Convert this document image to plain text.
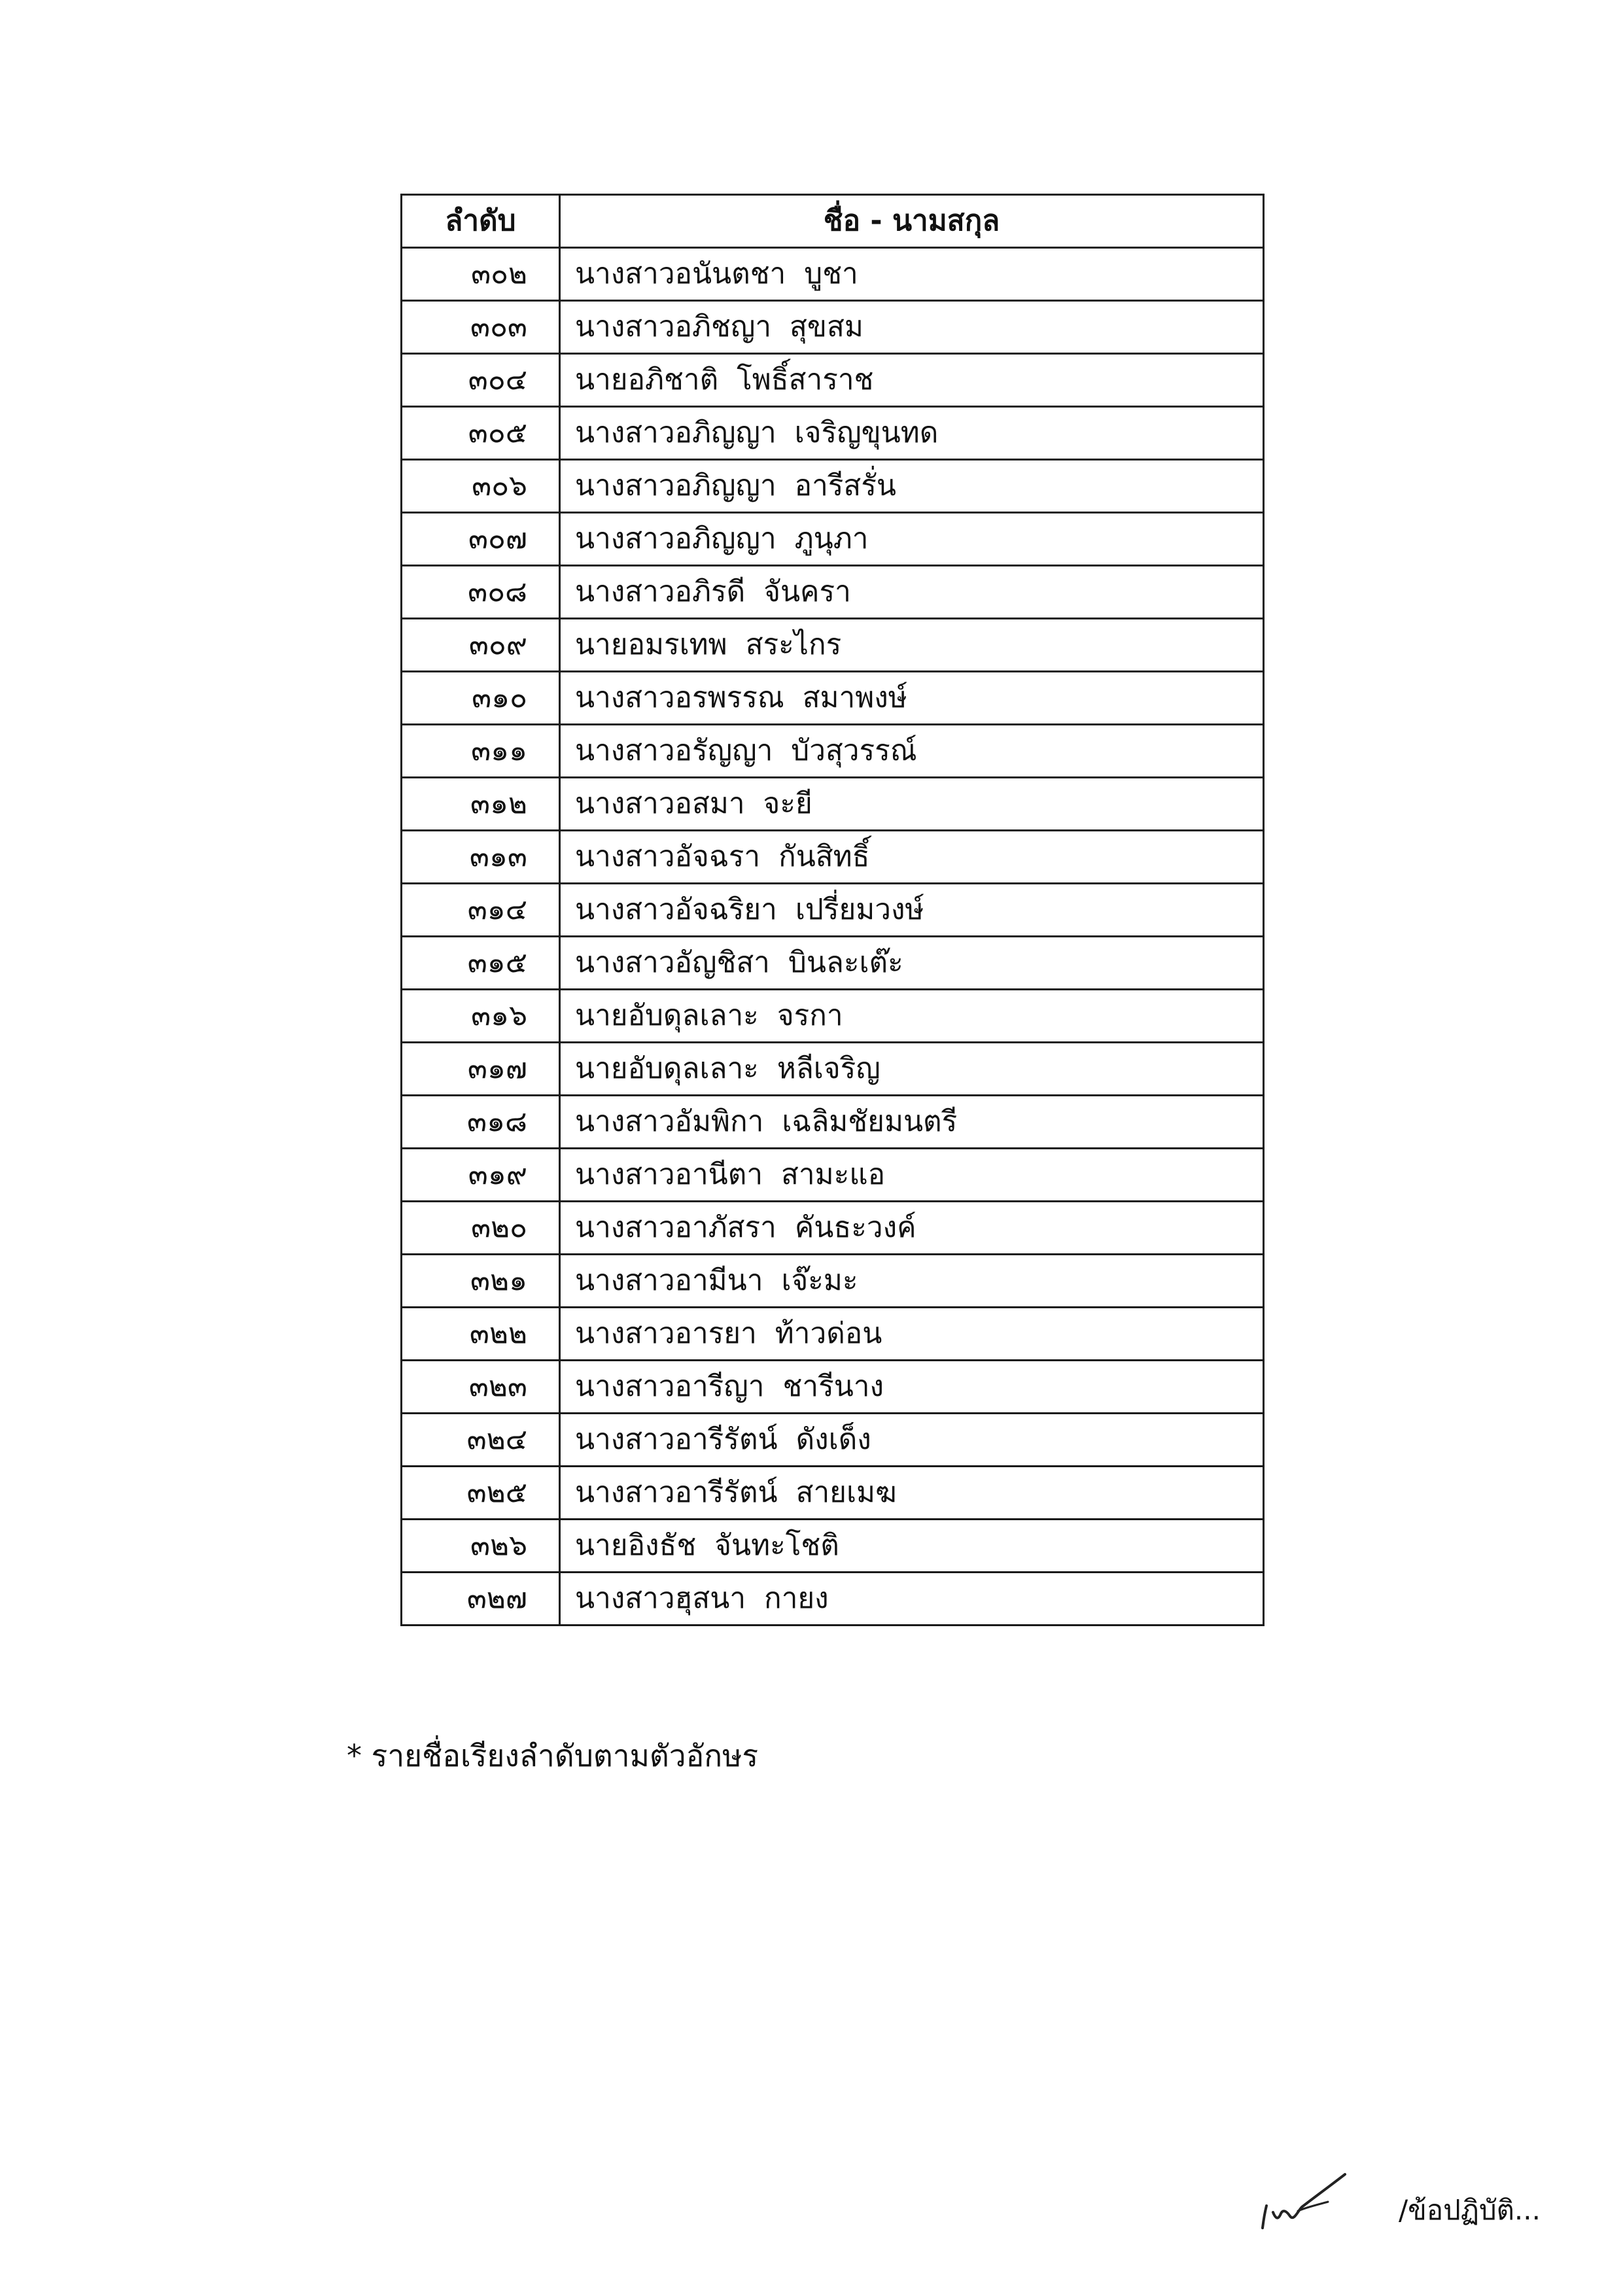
ลำดับ	ชื่อ - นามสกุล
๓๐๒	นางสาวอนันตชา บูชา
๓๐๓	นางสาวอภิชญา สุขสม
๓๐๔	นายอภิชาติ โพธิ์สาราช
๓๐๕	นางสาวอภิญญา เจริญขุนทด
๓๐๖	นางสาวอภิญญา อารีสรั่น
๓๐๗	นางสาวอภิญญา ภูนุภา
๓๐๘	นางสาวอภิรดี จันครา
๓๐๙	นายอมรเทพ สระไกร
๓๑๐	นางสาวอรพรรณ สมาพงษ์
๓๑๑	นางสาวอรัญญา บัวสุวรรณ์
๓๑๒	นางสาวอสมา จะยี
๓๑๓	นางสาวอัจฉรา กันสิทธิ์
๓๑๔	นางสาวอัจฉริยา เปรี่ยมวงษ์
๓๑๕	นางสาวอัญชิสา บินละเต๊ะ
๓๑๖	นายอับดุลเลาะ จรกา
๓๑๗	นายอับดุลเลาะ หลีเจริญ
๓๑๘	นางสาวอัมพิกา เฉลิมชัยมนตรี
๓๑๙	นางสาวอานีตา สามะแอ
๓๒๐	นางสาวอาภัสรา คันธะวงค์
๓๒๑	นางสาวอามีนา เจ๊ะมะ
๓๒๒	นางสาวอารยา ท้าวด่อน
๓๒๓	นางสาวอารีญา ชารีนาง
๓๒๔	นางสาวอารีรัตน์ ดังเด็ง
๓๒๕	นางสาวอารีรัตน์ สายเมฆ
๓๒๖	นายอิงธัช จันทะโชติ
๓๒๗	นางสาวฮุสนา กายง
* รายชื่อเรียงลำดับตามตัวอักษร
/ข้อปฏิบัติ...
